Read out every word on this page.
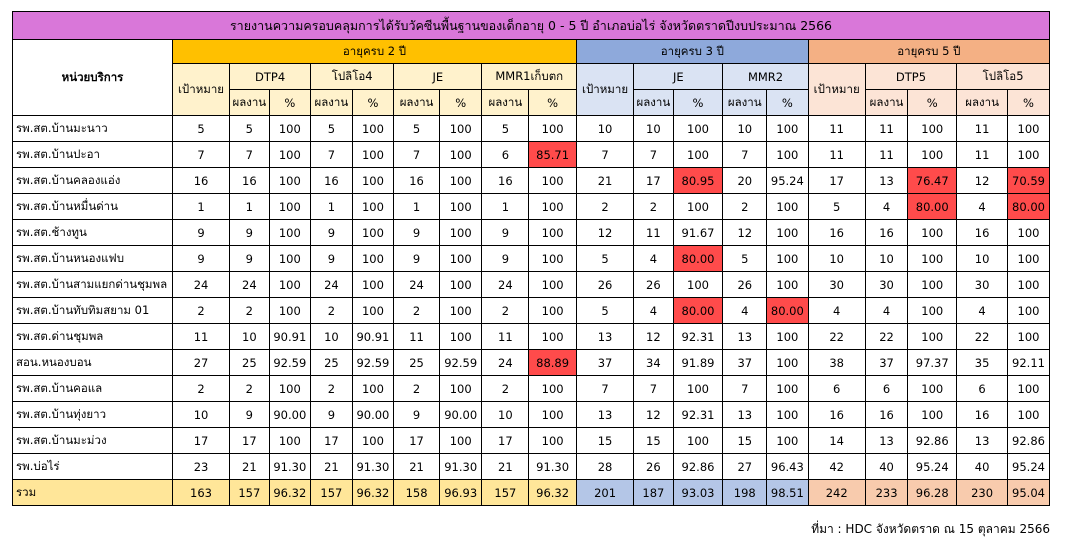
รายงานความครอบคลุมการได้รับวัคซีนพื้นฐานของเด็กอายุ 0 - 5 ปี อำเภอบ่อไร่ จังหวัดตราดปีงบประมาณ 2566																			
หน่วยบริการ	อายุครบ 2 ปี									อายุครบ 3 ปี					อายุครบ 5 ปี				
	เป้าหมาย	DTP4		โปลิโอ4		JE		MMR1เก็บตก		เป้าหมาย	JE		MMR2		เป้าหมาย	DTP5		โปลิโอ5	
		ผลงาน	%	ผลงาน	%	ผลงาน	%	ผลงาน	%		ผลงาน	%	ผลงาน	%		ผลงาน	%	ผลงาน	%
รพ.สต.บ้านมะนาว	5	5	100	5	100	5	100	5	100	10	10	100	10	100	11	11	100	11	100
รพ.สต.บ้านปะอา	7	7	100	7	100	7	100	6	85.71	7	7	100	7	100	11	11	100	11	100
รพ.สต.บ้านคลองแอ่ง	16	16	100	16	100	16	100	16	100	21	17	80.95	20	95.24	17	13	76.47	12	70.59
รพ.สต.บ้านหมื่นด่าน	1	1	100	1	100	1	100	1	100	2	2	100	2	100	5	4	80.00	4	80.00
รพ.สต.ช้างทูน	9	9	100	9	100	9	100	9	100	12	11	91.67	12	100	16	16	100	16	100
รพ.สต.บ้านหนองแฟบ	9	9	100	9	100	9	100	9	100	5	4	80.00	5	100	10	10	100	10	100
รพ.สต.บ้านสามแยกด่านชุมพล	24	24	100	24	100	24	100	24	100	26	26	100	26	100	30	30	100	30	100
รพ.สต.บ้านทับทิมสยาม 01	2	2	100	2	100	2	100	2	100	5	4	80.00	4	80.00	4	4	100	4	100
รพ.สต.ด่านชุมพล	11	10	90.91	10	90.91	11	100	11	100	13	12	92.31	13	100	22	22	100	22	100
สอน.หนองบอน	27	25	92.59	25	92.59	25	92.59	24	88.89	37	34	91.89	37	100	38	37	97.37	35	92.11
รพ.สต.บ้านคอแล	2	2	100	2	100	2	100	2	100	7	7	100	7	100	6	6	100	6	100
รพ.สต.บ้านทุ่งยาว	10	9	90.00	9	90.00	9	90.00	10	100	13	12	92.31	13	100	16	16	100	16	100
รพ.สต.บ้านมะม่วง	17	17	100	17	100	17	100	17	100	15	15	100	15	100	14	13	92.86	13	92.86
รพ.บ่อไร่	23	21	91.30	21	91.30	21	91.30	21	91.30	28	26	92.86	27	96.43	42	40	95.24	40	95.24
รวม	163	157	96.32	157	96.32	158	96.93	157	96.32	201	187	93.03	198	98.51	242	233	96.28	230	95.04
ที่มา : HDC จังหวัดตราด ณ 15 ตุลาคม 2566
